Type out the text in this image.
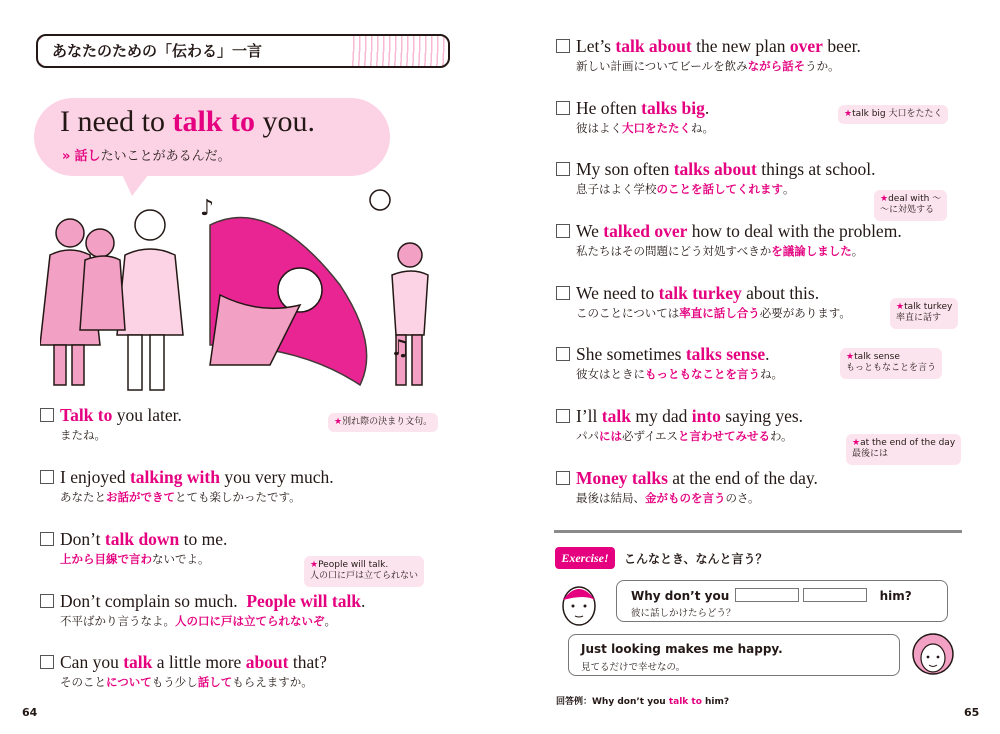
あなたのための「伝わる」一言
I need to talk to you.
» 話したいことがあるんだ。
♪
♫
Talk to you later.
またね。
★別れ際の決まり文句。
I enjoyed talking with you very much.
あなたとお話ができてとても楽しかったです。
Don’t talk down to me.
上から目線で言わないでよ。	★People will talk.
人の口に戸は立てられない
Don’t complain so much.  People will talk.
不平ばかり言うなよ。人の口に戸は立てられないぞ。
Can you talk a little more about that?
そのことについてもう少し話してもらえますか。
64
Let’s talk about the new plan over beer.
新しい計画についてビールを飲みながら話そうか。
He often talks big.
彼はよく大口をたたくね。
★talk big 大口をたたく
My son often talks about things at school.
息子はよく学校のことを話してくれます。
★deal with ～
～に対処する
We talked over how to deal with the problem.
私たちはその問題にどう対処すべきかを議論しました。
We need to talk turkey about this.
このことについては率直に話し合う必要があります。	★talk turkey
率直に話す
She sometimes talks sense.
彼女はときにもっともなことを言うね。
★talk sense
もっともなことを言う
I’ll talk my dad into saying yes.
パパには必ずイエスと言わせてみせるわ。	★at the end of the day
最後には
Money talks at the end of the day.
最後は結局、金がものを言うのさ。
Exercise!	こんなとき、なんと言う？
Why don’t you	him?
彼に話しかけたらどう？
Just looking makes me happy.
見てるだけで幸せなの。
回答例：Why don’t you talk to him?
65
